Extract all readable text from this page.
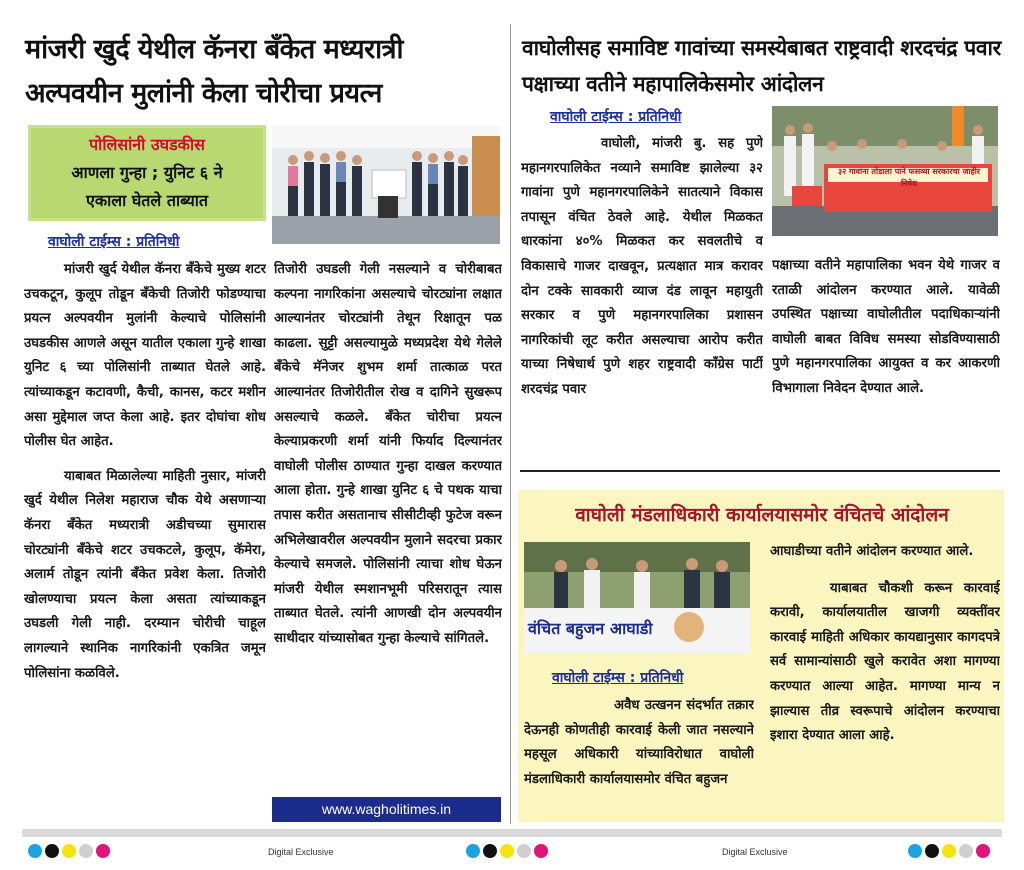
मांजरी खुर्द येथील कॅनरा बँकेत मध्यरात्री अल्पवयीन मुलांनी केला चोरीचा प्रयत्न
पोलिसांनी उघडकीस
आणला गुन्हा ; युनिट ६ ने
एकाला घेतले ताब्यात
वाघोली टाईम्स : प्रतिनिधी

मांजरी खुर्द येथील कॅनरा बँकेचे मुख्य शटर उचकटून, कुलूप तोडून बँकेची तिजोरी फोडण्याचा प्रयत्न अल्पवयीन मुलांनी केल्याचे पोलिसांनी उघडकीस आणले असून यातील एकाला गुन्हे शाखा युनिट ६ च्या पोलिसांनी ताब्यात घेतले आहे. त्यांच्याकडून कटावणी, कैची, कानस, कटर मशीन असा मुद्देमाल जप्त केला आहे. इतर दोघांचा शोध पोलीस घेत आहेत.

याबाबत मिळालेल्या माहिती नुसार, मांजरी खुर्द येथील निलेश महाराज चौक येथे असणाऱ्या कॅनरा बँकेत मध्यरात्री अडीचच्या सुमारास चोरट्यांनी बँकेचे शटर उचकटले, कुलूप, कॅमेरा, अलार्म तोडून त्यांनी बँकेत प्रवेश केला. तिजोरी खोलण्याचा प्रयत्न केला असता त्यांच्याकडून उघडली गेली नाही. दरम्यान चोरीची चाहूल लागल्याने स्थानिक नागरिकांनी एकत्रित जमून पोलिसांना कळविले.

तिजोरी उघडली गेली नसल्याने व चोरीबाबत कल्पना नागरिकांना असल्याचे चोरट्यांना लक्षात आल्यानंतर चोरट्यांनी तेथून रिक्षातून पळ काढला. सुट्टी असल्यामुळे मध्यप्रदेश येथे गेलेले बँकेचे मॅनेजर शुभम शर्मा तात्काळ परत आल्यानंतर तिजोरीतील रोख व दागिने सुखरूप असल्याचे कळले. बँकेत चोरीचा प्रयत्न केल्याप्रकरणी शर्मा यांनी फिर्याद दिल्यानंतर वाघोली पोलीस ठाण्यात गुन्हा दाखल करण्यात आला होता. गुन्हे शाखा युनिट ६ चे पथक याचा तपास करीत असतानाच सीसीटीव्ही फुटेज वरून अभिलेखावरील अल्पवयीन मुलाने सदरचा प्रकार केल्याचे समजले. पोलिसांनी त्याचा शोध घेऊन मांजरी येथील स्मशानभूमी परिसरातून त्यास ताब्यात घेतले. त्यांनी आणखी दोन अल्पवयीन साथीदार यांच्यासोबत गुन्हा केल्याचे सांगितले.

www.wagholitimes.in
वाघोलीसह समाविष्ट गावांच्या समस्येबाबत राष्ट्रवादी शरदचंद्र पवार पक्षाच्या वतीने महापालिकेसमोर आंदोलन
वाघोली टाईम्स : प्रतिनिधी

वाघोली, मांजरी बु. सह पुणे महानगरपालिकेत नव्याने समाविष्ट झालेल्या ३२ गावांना पुणे महानगरपालिकेने सातत्याने विकास तपासून वंचित ठेवले आहे. येथील मिळकत धारकांना ४०% मिळकत कर सवलतीचे व विकासाचे गाजर दाखवून, प्रत्यक्षात मात्र करावर दोन टक्के सावकारी व्याज दंड लावून महायुती सरकार व पुणे महानगरपालिका प्रशासन नागरिकांची लूट करीत असल्याचा आरोप करीत याच्या निषेधार्थ पुणे शहर राष्ट्रवादी काँग्रेस पार्टी शरदचंद्र पवार

३२ गावांना तोंडाला पाने फसव्या सरकारचा जाहीर निषेध

पक्षाच्या वतीने महापालिका भवन येथे गाजर व रताळी आंदोलन करण्यात आले. यावेळी उपस्थित पक्षाच्या वाघोलीतील पदाधिकाऱ्यांनी वाघोली बाबत विविध समस्या सोडविण्यासाठी पुणे महानगरपालिका आयुक्त व कर आकरणी विभागाला निवेदन देण्यात आले.

वाघोली मंडलाधिकारी कार्यालयासमोर वंचितचे आंदोलन
वंचित बहुजन आघाडी
वाघोली टाईम्स : प्रतिनिधी

अवैध उत्खनन संदर्भात तक्रार देऊनही कोणतीही कारवाई केली जात नसल्याने महसूल अधिकारी यांच्याविरोधात वाघोली मंडलाधिकारी कार्यालयासमोर वंचित बहुजन

आघाडीच्या वतीने आंदोलन करण्यात आले.

याबाबत चौकशी करून कारवाई करावी, कार्यालयातील खाजगी व्यक्तींवर कारवाई माहिती अधिकार कायद्यानुसार कागदपत्रे सर्व सामान्यांसाठी खुले करावेत अशा मागण्या करण्यात आल्या आहेत. मागण्या मान्य न झाल्यास तीव्र स्वरूपाचे आंदोलन करण्याचा इशारा देण्यात आला आहे.

Digital Exclusive	Digital Exclusive
